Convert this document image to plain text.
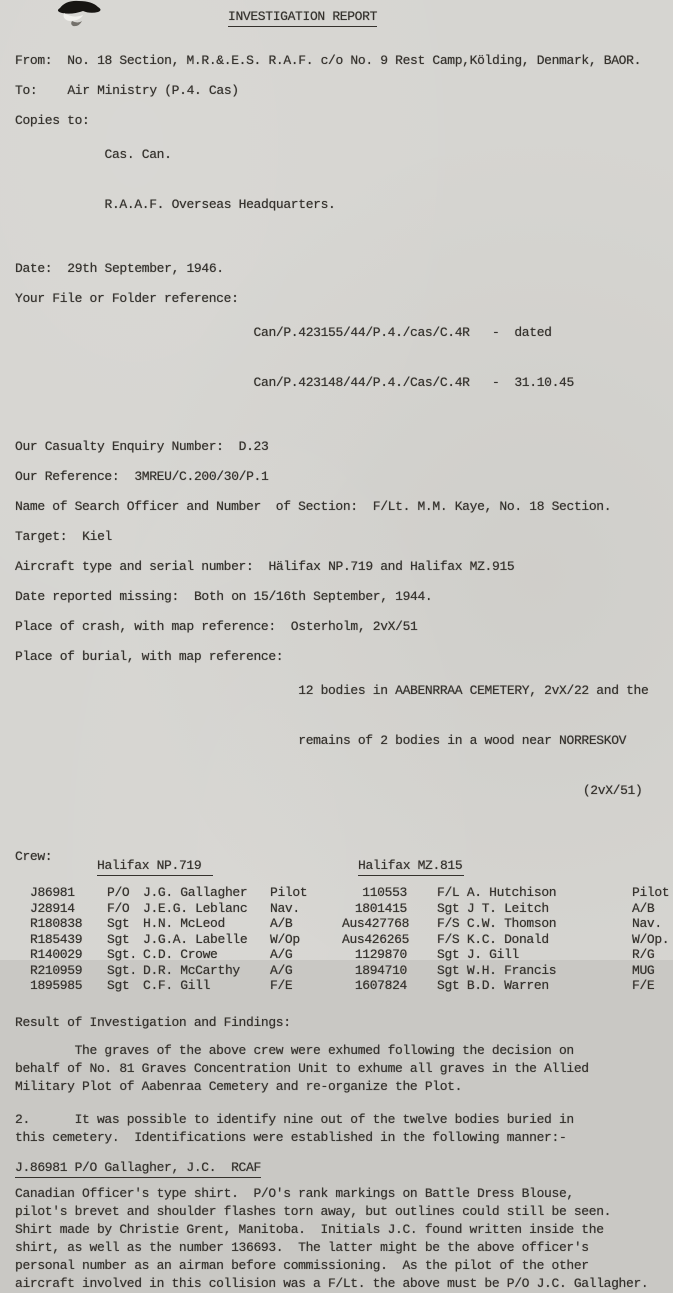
INVESTIGATION REPORT
From: No. 18 Section, M.R.&.E.S. R.A.F. c/o No. 9 Rest Camp,Kölding, Denmark, BAOR.
To: Air Ministry (P.4. Cas)
Copies to:

Cas. Can.

R.A.A.F. Overseas Headquarters.

Date: 29th September, 1946.
Your File or Folder reference:

Can/P.423155/44/P.4./cas/C.4R   -  dated

Can/P.423148/44/P.4./Cas/C.4R   -  31.10.45

Our Casualty Enquiry Number: D.23
Our Reference: 3MREU/C.200/30/P.1
Name of Search Officer and Number  of Section: F/Lt. M.M. Kaye, No. 18 Section.
Target: Kiel
Aircraft type and serial number: Hälifax NP.719 and Halifax MZ.915
Date reported missing: Both on 15/16th September, 1944.
Place of crash, with map reference: Osterholm, 2vX/51
Place of burial, with map reference:

12 bodies in AABENRRAA CEMETERY, 2vX/22 and the

remains of 2 bodies in a wood near NORRESKOV

(2vX/51)

Crew:
Halifax NP.719	Halifax MZ.815
J86981	P/O	J.G. Gallagher	Pilot	110553 F/L A. Hutchison	Pilot
J28914	F/O	J.E.G. Leblanc	Nav.	1801415 Sgt J T. Leitch	A/B
R180838	Sgt	H.N. McLeod	A/B	Aus427768 F/S C.W. Thomson	Nav.
R185439	Sgt	J.G.A. Labelle	W/Op	Aus426265 F/S K.C. Donald	W/Op.
R140029	Sgt. C.D. Crowe	A/G	1129870 Sgt J. Gill	R/G
R210959	Sgt. D.R. McCarthy	A/G	1894710 Sgt W.H. Francis	MUG
1895985	Sgt	C.F. Gill	F/E	1607824 Sgt B.D. Warren	F/E
Result of Investigation and Findings:
The graves of the above crew were exhumed following the decision on
behalf of No. 81 Graves Concentration Unit to exhume all graves in the Allied
Military Plot of Aabenraa Cemetery and re-organize the Plot.
2.      It was possible to identify nine out of the twelve bodies buried in
this cemetery.  Identifications were established in the following manner:-
J.86981 P/O Gallagher, J.C.  RCAF
Canadian Officer's type shirt.  P/O's rank markings on Battle Dress Blouse,
pilot's brevet and shoulder flashes torn away, but outlines could still be seen.
Shirt made by Christie Grent, Manitoba.  Initials J.C. found written inside the
shirt, as well as the number 136693.  The latter might be the above officer's
personal number as an airman before commissioning.  As the pilot of the other
aircraft involved in this collision was a F/Lt. the above must be P/O J.C. Gallagher.
